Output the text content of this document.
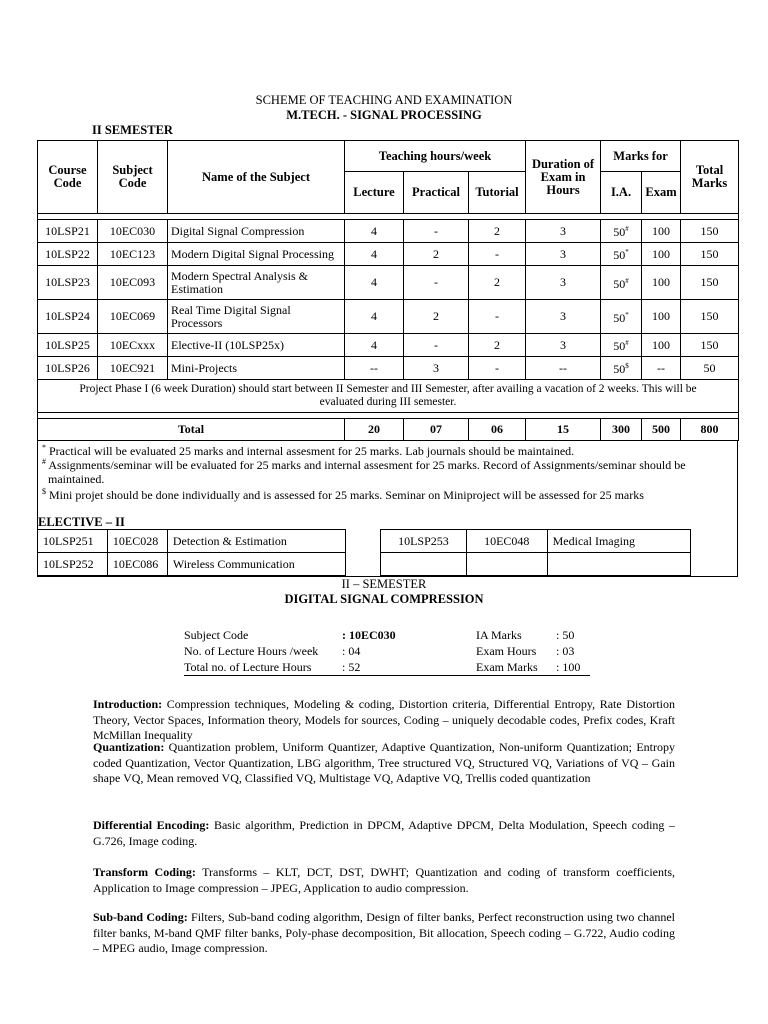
SCHEME OF TEACHING AND EXAMINATION
M.TECH. - SIGNAL PROCESSING
II SEMESTER
Course Code	Subject Code	Name of the Subject	Teaching hours/week			Duration of Exam in Hours	Marks for		Total Marks
			Lecture	Practical	Tutorial		I.A.	Exam	

10LSP21	10EC030	Digital Signal Compression	4	-	2	3	50#	100	150
10LSP22	10EC123	Modern Digital Signal Processing	4	2	-	3	50*	100	150
10LSP23	10EC093	Modern Spectral Analysis & Estimation	4	-	2	3	50#	100	150
10LSP24	10EC069	Real Time Digital Signal Processors	4	2	-	3	50*	100	150
10LSP25	10ECxxx	Elective-II (10LSP25x)	4	-	2	3	50#	100	150
10LSP26	10EC921	Mini-Projects	--	3	-	--	50$	--	50
Project Phase I (6 week Duration) should start between II Semester and III Semester, after availing a vacation of 2 weeks. This will be evaluated during III semester.									

Total			20	07	06	15	300	500	800
* Practical will be evaluated 25 marks and internal assesment for 25 marks. Lab journals should be maintained.
# Assignments/seminar will be evaluated for 25 marks and internal assesment for 25 marks. Record of Assignments/seminar should be maintained.
$ Mini projet should be done individually and is assessed for 25 marks. Seminar on Miniproject will be assessed for 25 marks
ELECTIVE – II
10LSP251	10EC028	Detection & Estimation
10LSP252	10EC086	Wireless Communication
10LSP253	10EC048	Medical Imaging

II – SEMESTER
DIGITAL SIGNAL COMPRESSION
Subject Code	: 10EC030	IA Marks	: 50
No. of Lecture Hours /week	: 04	Exam Hours	: 03
Total no. of Lecture Hours	: 52	Exam Marks	: 100
Introduction: Compression techniques, Modeling & coding, Distortion criteria, Differential Entropy, Rate Distortion Theory, Vector Spaces, Information theory, Models for sources, Coding – uniquely decodable codes, Prefix codes, Kraft McMillan Inequality
Quantization: Quantization problem, Uniform Quantizer, Adaptive Quantization, Non-uniform Quantization; Entropy coded Quantization, Vector Quantization, LBG algorithm, Tree structured VQ, Structured VQ, Variations of VQ – Gain shape VQ, Mean removed VQ, Classified VQ, Multistage VQ, Adaptive VQ, Trellis coded quantization
Differential Encoding: Basic algorithm, Prediction in DPCM, Adaptive DPCM, Delta Modulation, Speech coding – G.726, Image coding.
Transform Coding: Transforms – KLT, DCT, DST, DWHT; Quantization and coding of transform coefficients, Application to Image compression – JPEG, Application to audio compression.
Sub-band Coding: Filters, Sub-band coding algorithm, Design of filter banks, Perfect reconstruction using two channel filter banks, M-band QMF filter banks, Poly-phase decomposition, Bit allocation, Speech coding – G.722, Audio coding – MPEG audio, Image compression.
